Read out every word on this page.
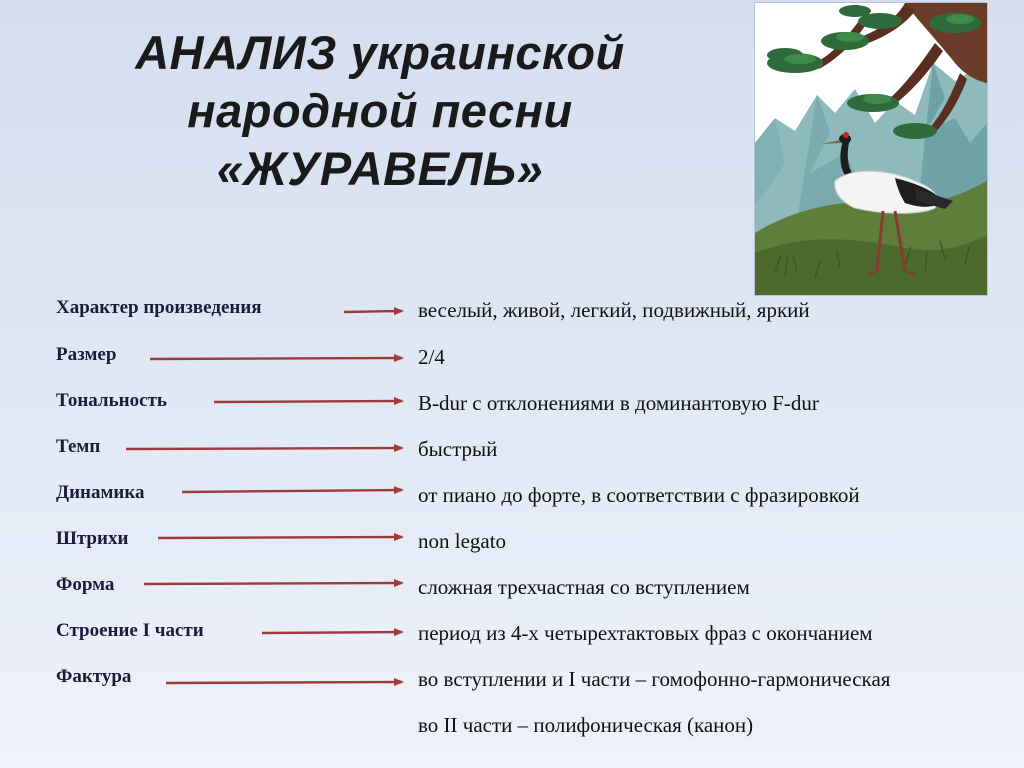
АНАЛИЗ украинской
народной песни
«ЖУРАВЕЛЬ»
Характер произведения
Размер
Тональность
Темп
Динамика
Штрихи
Форма
Строение I части
Фактура
веселый, живой, легкий, подвижный, яркий
2/4
B-dur с отклонениями в доминантовую F-dur
быстрый
от пиано до форте, в соответствии с фразировкой
non legato
сложная трехчастная со вступлением
период из 4-х четырехтактовых фраз с окончанием
во вступлении и I части – гомофонно-гармоническая
во II части – полифоническая (канон)
